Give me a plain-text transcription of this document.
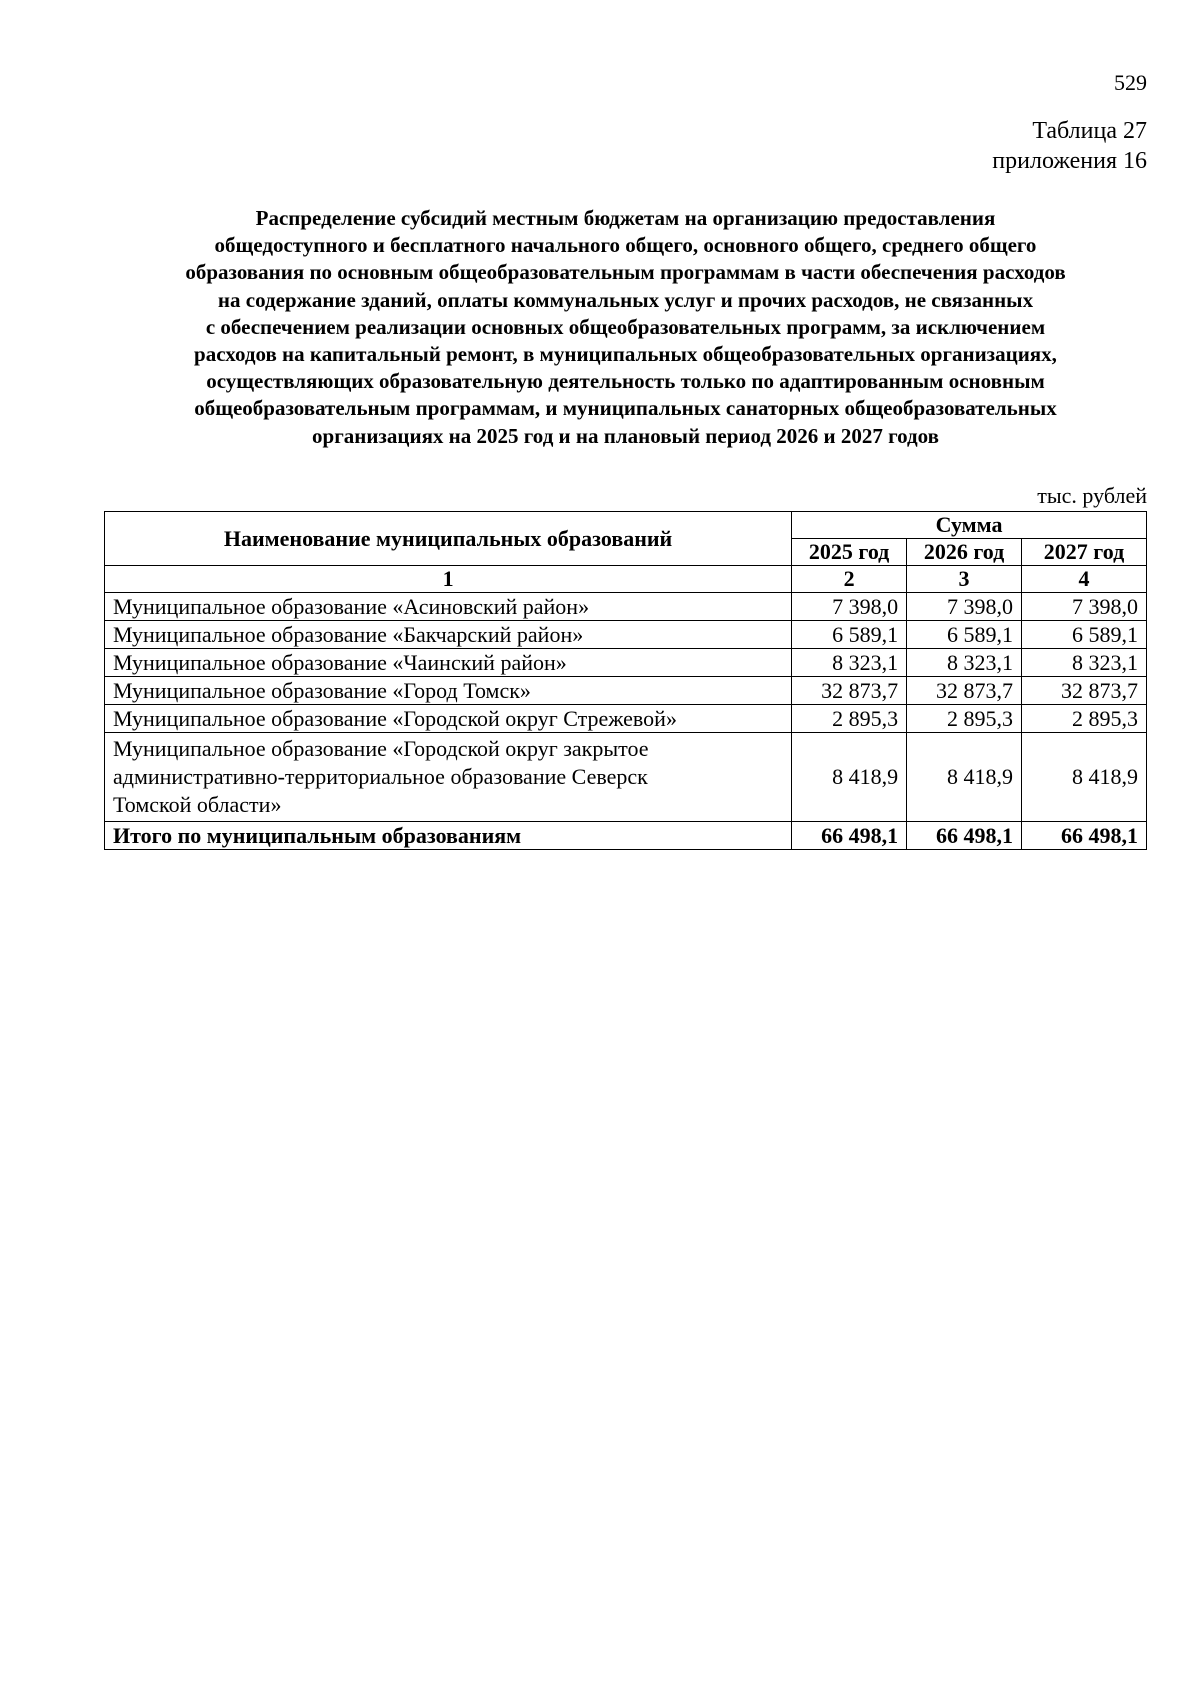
529
Таблица 27
приложения 16
Распределение субсидий местным бюджетам на организацию предоставления
общедоступного и бесплатного начального общего, основного общего, среднего общего
образования по основным общеобразовательным программам в части обеспечения расходов
на содержание зданий, оплаты коммунальных услуг и прочих расходов, не связанных
с обеспечением реализации основных общеобразовательных программ, за исключением
расходов на капитальный ремонт, в муниципальных общеобразовательных организациях,
осуществляющих образовательную деятельность только по адаптированным основным
общеобразовательным программам, и муниципальных санаторных общеобразовательных
организациях на 2025 год и на плановый период 2026 и 2027 годов
тыс. рублей
Наименование муниципальных образований	Сумма		
	2025 год	2026 год	2027 год
1	2	3	4
Муниципальное образование «Асиновский район»	7 398,0	7 398,0	7 398,0
Муниципальное образование «Бакчарский район»	6 589,1	6 589,1	6 589,1
Муниципальное образование «Чаинский район»	8 323,1	8 323,1	8 323,1
Муниципальное образование «Город Томск»	32 873,7	32 873,7	32 873,7
Муниципальное образование «Городской округ Стрежевой»	2 895,3	2 895,3	2 895,3

Муниципальное образование «Городской округ закрытое
административно-территориальное образование Северск
Томской области»	8 418,9	8 418,9	8 418,9
Итого по муниципальным образованиям	66 498,1	66 498,1	66 498,1
